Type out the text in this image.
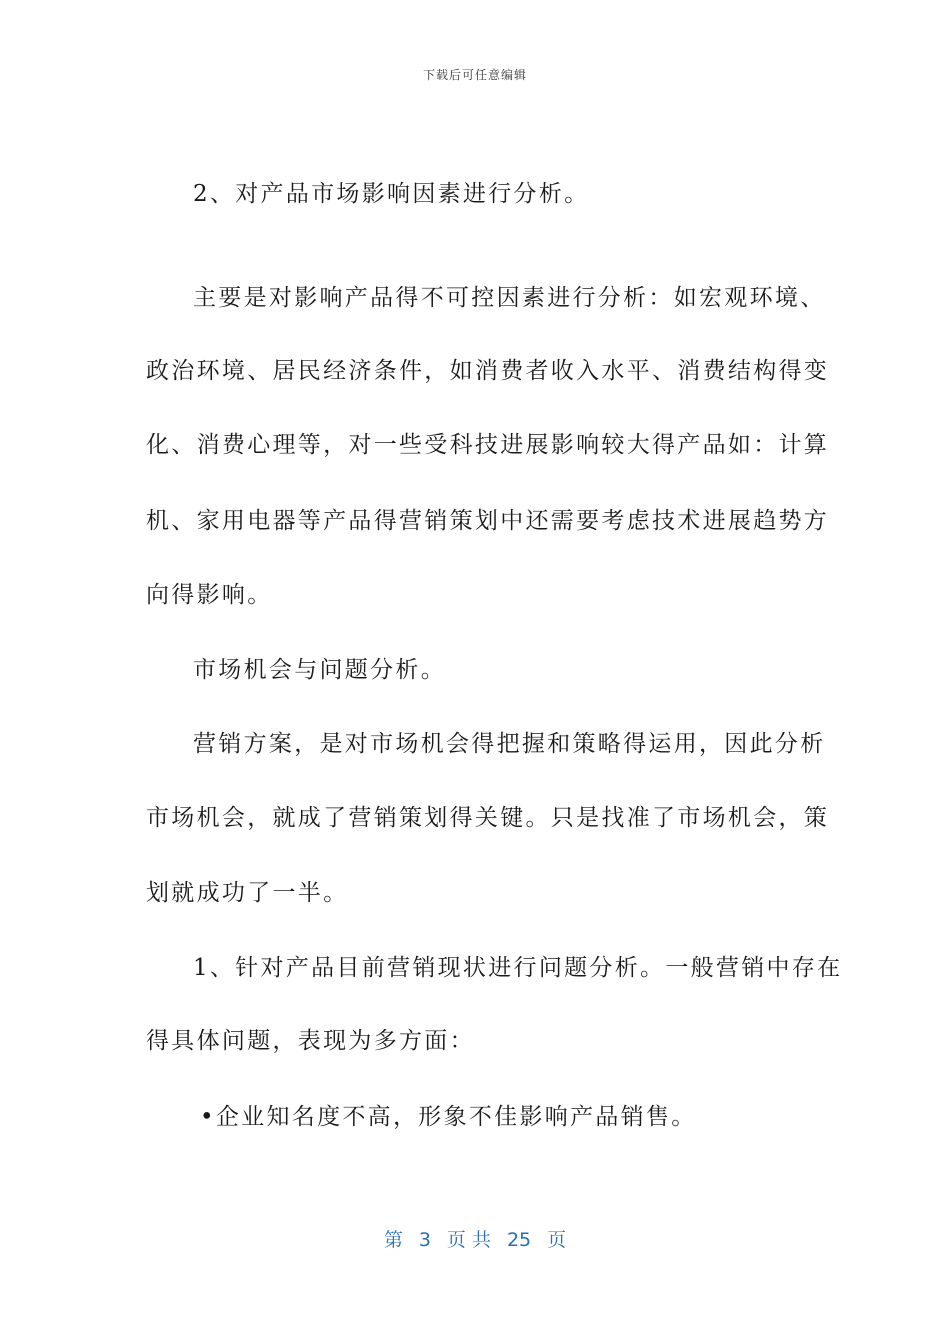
下载后可任意编辑
2、对产品市场影响因素进行分析。
主要是对影响产品得不可控因素进行分析：如宏观环境、
政治环境、居民经济条件，如消费者收入水平、消费结构得变
化、消费心理等，对一些受科技进展影响较大得产品如：计算
机、家用电器等产品得营销策划中还需要考虑技术进展趋势方
向得影响。
市场机会与问题分析。
营销方案，是对市场机会得把握和策略得运用，因此分析
市场机会，就成了营销策划得关键。只是找准了市场机会，策
划就成功了一半。
1、针对产品目前营销现状进行问题分析。一般营销中存在
得具体问题，表现为多方面：
•企业知名度不高，形象不佳影响产品销售。
第 3 页 共 25 页
